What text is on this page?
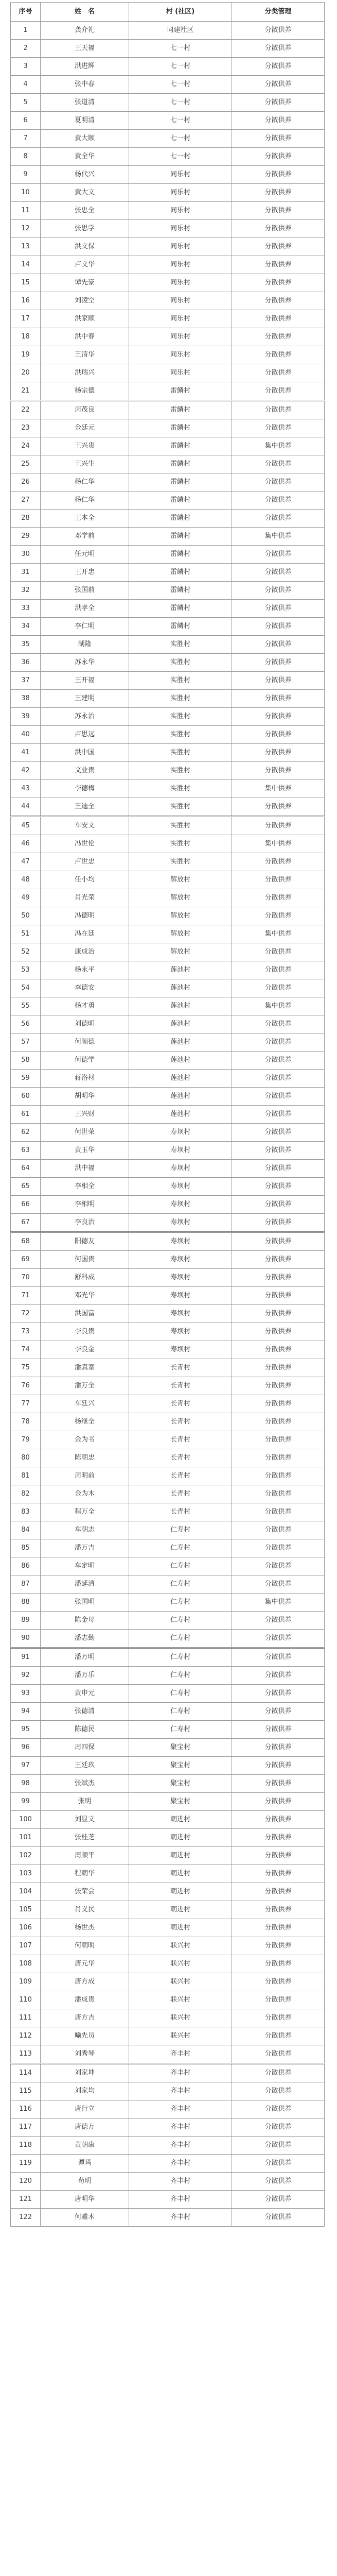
序号	姓　名	村 (社区)	分类管理
1	龚介礼	同建社区	分散供养
2	王天福	七一村	分散供养
3	洪进辉	七一村	分散供养
4	张中春	七一村	分散供养
5	张道清	七一村	分散供养
6	夏明清	七一村	分散供养
7	黄大顺	七一村	分散供养
8	黄全华	七一村	分散供养
9	杨代兴	同乐村	分散供养
10	黄大文	同乐村	分散供养
11	张忠全	同乐村	分散供养
12	张思学	同乐村	分散供养
13	洪文保	同乐村	分散供养
14	卢文华	同乐村	分散供养
15	谭先豪	同乐村	分散供养
16	刘凌空	同乐村	分散供养
17	洪家顺	同乐村	分散供养
18	洪中春	同乐村	分散供养
19	王清华	同乐村	分散供养
20	洪瑞兴	同乐村	分散供养
21	杨宗德	雷鳞村	分散供养
22	周茂良	雷鳞村	分散供养
23	金廷元	雷鳞村	分散供养
24	王兴贵	雷鳞村	集中供养
25	王兴生	雷鳞村	分散供养
26	杨仁华	雷鳞村	分散供养
27	杨仁华	雷鳞村	分散供养
28	王本全	雷鳞村	分散供养
29	邓学前	雷鳞村	集中供养
30	任元明	雷鳞村	分散供养
31	王开忠	雷鳞村	分散供养
32	张国前	雷鳞村	分散供养
33	洪孝全	雷鳞村	分散供养
34	李仁明	雷鳞村	分散供养
35	湖隆	实胜村	分散供养
36	苏永华	实胜村	分散供养
37	王开福	实胜村	分散供养
38	王建明	实胜村	分散供养
39	苏永治	实胜村	分散供养
40	卢思远	实胜村	分散供养
41	洪中国	实胜村	分散供养
42	文业贵	实胜村	分散供养
43	李德梅	实胜村	集中供养
44	王迪全	实胜村	分散供养
45	车安文	实胜村	分散供养
46	冯世伦	实胜村	集中供养
47	卢世忠	实胜村	分散供养
48	任小均	解放村	分散供养
49	肖光荣	解放村	分散供养
50	冯德明	解放村	分散供养
51	冯在廷	解放村	集中供养
52	康成治	解放村	分散供养
53	杨永平	莲池村	分散供养
54	李德安	莲池村	分散供养
55	杨才勇	莲池村	集中供养
56	刘德明	莲池村	分散供养
57	何顺德	莲池村	分散供养
58	何德学	莲池村	分散供养
59	蒋洛材	莲池村	分散供养
60	胡明华	莲池村	分散供养
61	王兴财	莲池村	分散供养
62	何世荣	寿坝村	分散供养
63	黄玉华	寿坝村	分散供养
64	洪中福	寿坝村	分散供养
65	李相全	寿坝村	分散供养
66	李相明	寿坝村	分散供养
67	李良治	寿坝村	分散供养
68	阳德友	寿坝村	分散供养
69	何国贵	寿坝村	分散供养
70	舒科成	寿坝村	分散供养
71	邓光华	寿坝村	分散供养
72	洪国富	寿坝村	分散供养
73	李良贵	寿坝村	分散供养
74	李良金	寿坝村	分散供养
75	潘真寨	长青村	分散供养
76	潘万全	长青村	分散供养
77	车廷兴	长青村	分散供养
78	杨继全	长青村	分散供养
79	金为书	长青村	分散供养
80	陈朝忠	长青村	分散供养
81	周明前	长青村	分散供养
82	金为木	长青村	分散供养
83	程万全	长青村	分散供养
84	车朝志	仁寿村	分散供养
85	潘万吉	仁寿村	分散供养
86	车定明	仁寿村	分散供养
87	潘延清	仁寿村	分散供养
88	张国明	仁寿村	集中供养
89	陈金母	仁寿村	分散供养
90	潘志勤	仁寿村	分散供养
91	潘万明	仁寿村	分散供养
92	潘万乐	仁寿村	分散供养
93	黄申元	仁寿村	分散供养
94	张德清	仁寿村	分散供养
95	陈德民	仁寿村	分散供养
96	周四保	聚宝村	分散供养
97	王廷玖	聚宝村	分散供养
98	张斌杰	聚宝村	分散供养
99	张明	聚宝村	分散供养
100	刘显文	朝进村	分散供养
101	张桂芝	朝进村	分散供养
102	周顺平	朝进村	分散供养
103	程朝华	朝进村	分散供养
104	张荣会	朝进村	分散供养
105	肖义民	朝进村	分散供养
106	杨世杰	朝进村	分散供养
107	何朝明	联兴村	分散供养
108	唐元华	联兴村	分散供养
109	唐方成	联兴村	分散供养
110	潘成贵	联兴村	分散供养
111	唐方吉	联兴村	分散供养
112	喻先员	联兴村	分散供养
113	刘秀琴	齐丰村	分散供养
114	刘家坤	齐丰村	分散供养
115	刘家均	齐丰村	分散供养
116	唐行立	齐丰村	分散供养
117	唐德万	齐丰村	分散供养
118	黄朝康	齐丰村	分散供养
119	谭玛	齐丰村	分散供养
120	苟明	齐丰村	分散供养
121	唐明华	齐丰村	分散供养
122	何雕木	齐丰村	分散供养
